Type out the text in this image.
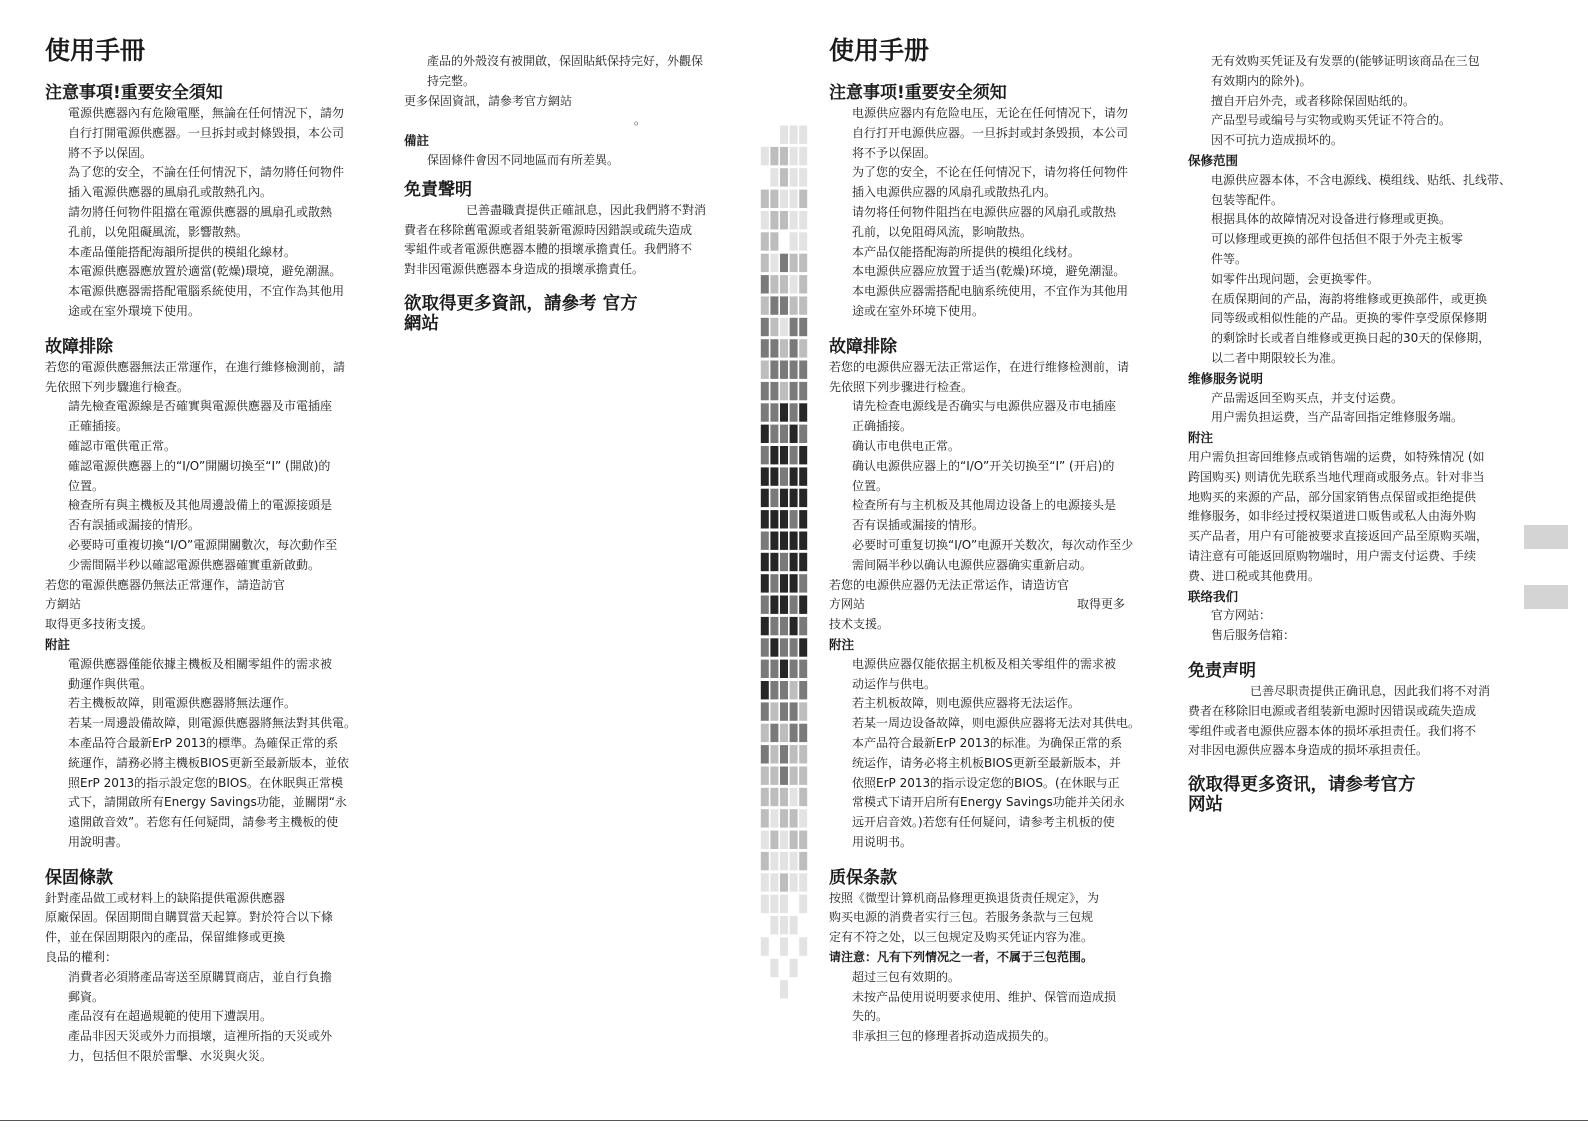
使用手冊
注意事項!重要安全須知

電源供應器內有危險電壓，無論在任何情況下，請勿

自行打開電源供應器。一旦拆封或封條毀損，本公司

將不予以保固。

為了您的安全，不論在任何情況下，請勿將任何物件

插入電源供應器的風扇孔或散熱孔內。

請勿將任何物件阻擋在電源供應器的風扇孔或散熱

孔前，以免阻礙風流，影響散熱。

本產品僅能搭配海韻所提供的模組化線材。

本電源供應器應放置於適當(乾燥)環境，避免潮濕。

本電源供應器需搭配電腦系統使用，不宜作為其他用

途或在室外環境下使用。

故障排除

若您的電源供應器無法正常運作，在進行維修檢測前，請

先依照下列步驟進行檢查。

請先檢查電源線是否確實與電源供應器及市電插座

正確插接。

確認市電供電正常。

確認電源供應器上的“I/O”開關切換至“I” (開啟)的

位置。

檢查所有與主機板及其他周邊設備上的電源接頭是

否有誤插或漏接的情形。

必要時可重複切換“I/O”電源開關數次，每次動作至

少需間隔半秒以確認電源供應器確實重新啟動。

若您的電源供應器仍無法正常運作，請造訪官

方網站

取得更多技術支援。

附註

電源供應器僅能依據主機板及相關零組件的需求被

動運作與供電。

若主機板故障，則電源供應器將無法運作。

若某一周邊設備故障，則電源供應器將無法對其供電。

本產品符合最新ErP 2013的標準。為確保正常的系

統運作，請務必將主機板BIOS更新至最新版本，並依

照ErP 2013的指示設定您的BIOS。在休眠與正常模

式下，請開啟所有Energy Savings功能，並關閉“永

遠開啟音效”。若您有任何疑問，請參考主機板的使

用說明書。

保固條款

針對產品做工或材料上的缺陷提供電源供應器

原廠保固。保固期間自購買當天起算。對於符合以下條

件，並在保固期限內的產品，保留維修或更換

良品的權利：

消費者必須將產品寄送至原購買商店，並自行負擔

郵資。

產品沒有在超過規範的使用下遭誤用。

產品非因天災或外力而損壞，這裡所指的天災或外

力，包括但不限於雷擊、水災與火災。

產品的外殼沒有被開啟，保固貼紙保持完好，外觀保

持完整。

更多保固資訊，請參考官方網站

。

備註

保固條件會因不同地區而有所差異。

免責聲明

已善盡職責提供正確訊息，因此我們將不對消

費者在移除舊電源或者組裝新電源時因錯誤或疏失造成

零組件或者電源供應器本體的損壞承擔責任。我們將不

對非因電源供應器本身造成的損壞承擔責任。

欲取得更多資訊，請參考 官方

網站

使用手册
注意事项!重要安全须知

电源供应器内有危险电压，无论在任何情况下，请勿

自行打开电源供应器。一旦拆封或封条毁损，本公司

将不予以保固。

为了您的安全，不论在任何情况下，请勿将任何物件

插入电源供应器的风扇孔或散热孔内。

请勿将任何物件阻挡在电源供应器的风扇孔或散热

孔前，以免阻碍风流，影响散热。

本产品仅能搭配海韵所提供的模组化线材。

本电源供应器应放置于适当(乾燥)环境，避免潮湿。

本电源供应器需搭配电脑系统使用，不宜作为其他用

途或在室外环境下使用。

故障排除

若您的电源供应器无法正常运作，在进行维修检测前，请

先依照下列步骤进行检查。

请先检查电源线是否确实与电源供应器及市电插座

正确插接。

确认市电供电正常。

确认电源供应器上的“I/O”开关切换至“I” (开启)的

位置。

检查所有与主机板及其他周边设备上的电源接头是

否有误插或漏接的情形。

必要时可重复切换“I/O”电源开关数次，每次动作至少

需间隔半秒以确认电源供应器确实重新启动。

若您的电源供应器仍无法正常运作，请造访官

方网站	取得更多

技术支援。

附注

电源供应器仅能依据主机板及相关零组件的需求被

动运作与供电。

若主机板故障，则电源供应器将无法运作。

若某一周边设备故障，则电源供应器将无法对其供电。

本产品符合最新ErP 2013的标准。为确保正常的系

统运作，请务必将主机板BIOS更新至最新版本，并

依照ErP 2013的指示设定您的BIOS。(在休眠与正

常模式下请开启所有Energy Savings功能并关闭永

远开启音效。)若您有任何疑问，请参考主机板的使

用说明书。

质保条款

按照《微型计算机商品修理更换退货责任规定》，为

购买电源的消费者实行三包。若服务条款与三包规

定有不符之处，以三包规定及购买凭证内容为准。

请注意：凡有下列情况之一者，不属于三包范围。

超过三包有效期的。

未按产品使用说明要求使用、维护、保管而造成损

失的。

非承担三包的修理者拆动造成损失的。

无有效购买凭证及有发票的(能够证明该商品在三包

有效期内的除外)。

擅自开启外壳，或者移除保固贴纸的。

产品型号或编号与实物或购买凭证不符合的。

因不可抗力造成损坏的。

保修范围

电源供应器本体，不含电源线、模组线、贴纸、扎线带、

包装等配件。

根据具体的故障情况对设备进行修理或更换。

可以修理或更换的部件包括但不限于外壳主板零

件等。

如零件出现问题，会更换零件。

在质保期间的产品，海韵将维修或更换部件，或更换

同等级或相似性能的产品。更换的零件享受原保修期

的剩馀时长或者自维修或更换日起的30天的保修期，

以二者中期限较长为准。

维修服务说明

产品需返回至购买点，并支付运费。

用户需负担运费，当产品寄回指定维修服务端。

附注

用户需负担寄回维修点或销售端的运费，如特殊情况 (如

跨国购买) 则请优先联系当地代理商或服务点。针对非当

地购买的来源的产品，部分国家销售点保留或拒绝提供

维修服务，如非经过授权渠道进口贩售或私人由海外购

买产品者，用户有可能被要求直接返回产品至原购买端，

请注意有可能返回原购物端时，用户需支付运费、手续

费、进口税或其他费用。

联络我们

官方网站：

售后服务信箱：

免责声明

已善尽职责提供正确讯息，因此我们将不对消

费者在移除旧电源或者组装新电源时因错误或疏失造成

零组件或者电源供应器本体的损坏承担责任。我们将不

对非因电源供应器本身造成的损坏承担责任。

欲取得更多资讯，请参考官方

网站
